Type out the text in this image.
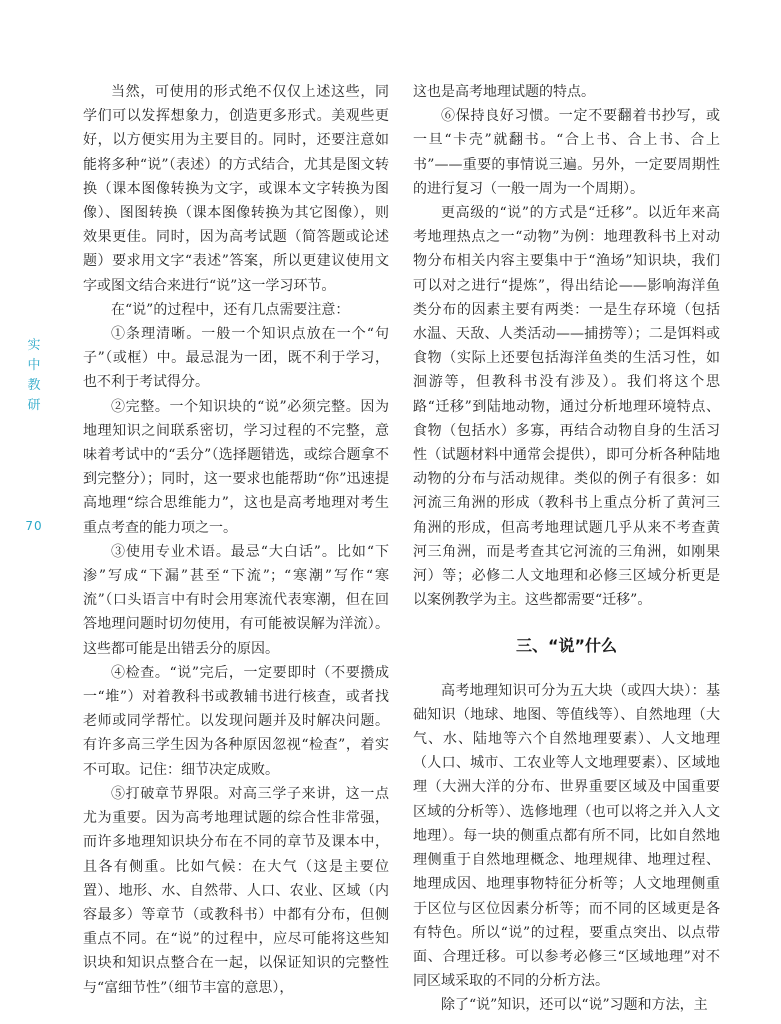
实
中
教
研
70

当然，可使用的形式绝不仅仅上述这些，同学们可以发挥想象力，创造更多形式。美观些更好，以方便实用为主要目的。同时，还要注意如能将多种“说”（表述）的方式结合，尤其是图文转换（课本图像转换为文字，或课本文字转换为图像）、图图转换（课本图像转换为其它图像），则效果更佳。同时，因为高考试题（简答题或论述题）要求用文字“表述”答案，所以更建议使用文字或图文结合来进行“说”这一学习环节。

在“说”的过程中，还有几点需要注意：

①条理清晰。一般一个知识点放在一个“句子”（或框）中。最忌混为一团，既不利于学习，也不利于考试得分。

②完整。一个知识块的“说”必须完整。因为地理知识之间联系密切，学习过程的不完整，意味着考试中的“丢分”（选择题错选，或综合题拿不到完整分）；同时，这一要求也能帮助“你”迅速提高地理“综合思维能力”，这也是高考地理对考生重点考查的能力项之一。

③使用专业术语。最忌“大白话”。比如“下渗”写成“下漏”甚至“下流”；“寒潮”写作“寒流”（口头语言中有时会用寒流代表寒潮，但在回答地理问题时切勿使用，有可能被误解为洋流）。这些都可能是出错丢分的原因。

④检查。“说”完后，一定要即时（不要攒成一“堆”）对着教科书或教辅书进行核查，或者找老师或同学帮忙。以发现问题并及时解决问题。有许多高三学生因为各种原因忽视“检查”，着实不可取。记住：细节决定成败。

⑤打破章节界限。对高三学子来讲，这一点尤为重要。因为高考地理试题的综合性非常强，而许多地理知识块分布在不同的章节及课本中，且各有侧重。比如气候：在大气（这是主要位置）、地形、水、自然带、人口、农业、区域（内容最多）等章节（或教科书）中都有分布，但侧重点不同。在“说”的过程中，应尽可能将这些知识块和知识点整合在一起，以保证知识的完整性与“富细节性”（细节丰富的意思），

这也是高考地理试题的特点。

⑥保持良好习惯。一定不要翻着书抄写，或一旦“卡壳”就翻书。“合上书、合上书、合上书”——重要的事情说三遍。另外，一定要周期性的进行复习（一般一周为一个周期）。

更高级的“说”的方式是“迁移”。以近年来高考地理热点之一“动物”为例：地理教科书上对动物分布相关内容主要集中于“渔场”知识块，我们可以对之进行“提炼”，得出结论——影响海洋鱼类分布的因素主要有两类：一是生存环境（包括水温、天敌、人类活动——捕捞等）；二是饵料或食物（实际上还要包括海洋鱼类的生活习性，如洄游等，但教科书没有涉及）。我们将这个思路“迁移”到陆地动物，通过分析地理环境特点、食物（包括水）多寡，再结合动物自身的生活习性（试题材料中通常会提供），即可分析各种陆地动物的分布与活动规律。类似的例子有很多：如河流三角洲的形成（教科书上重点分析了黄河三角洲的形成，但高考地理试题几乎从来不考查黄河三角洲，而是考查其它河流的三角洲，如刚果河）等；必修二人文地理和必修三区域分析更是以案例教学为主。这些都需要“迁移”。

三、“说”什么

高考地理知识可分为五大块（或四大块）：基础知识（地球、地图、等值线等）、自然地理（大气、水、陆地等六个自然地理要素）、人文地理（人口、城市、工农业等人文地理要素）、区域地理（大洲大洋的分布、世界重要区域及中国重要区域的分析等）、选修地理（也可以将之并入人文地理）。每一块的侧重点都有所不同，比如自然地理侧重于自然地理概念、地理规律、地理过程、地理成因、地理事物特征分析等；人文地理侧重于区位与区位因素分析等；而不同的区域更是各有特色。所以“说”的过程，要重点突出、以点带面、合理迁移。可以参考必修三“区域地理”对不同区域采取的不同的分析方法。

除了“说”知识，还可以“说”习题和方法，主
